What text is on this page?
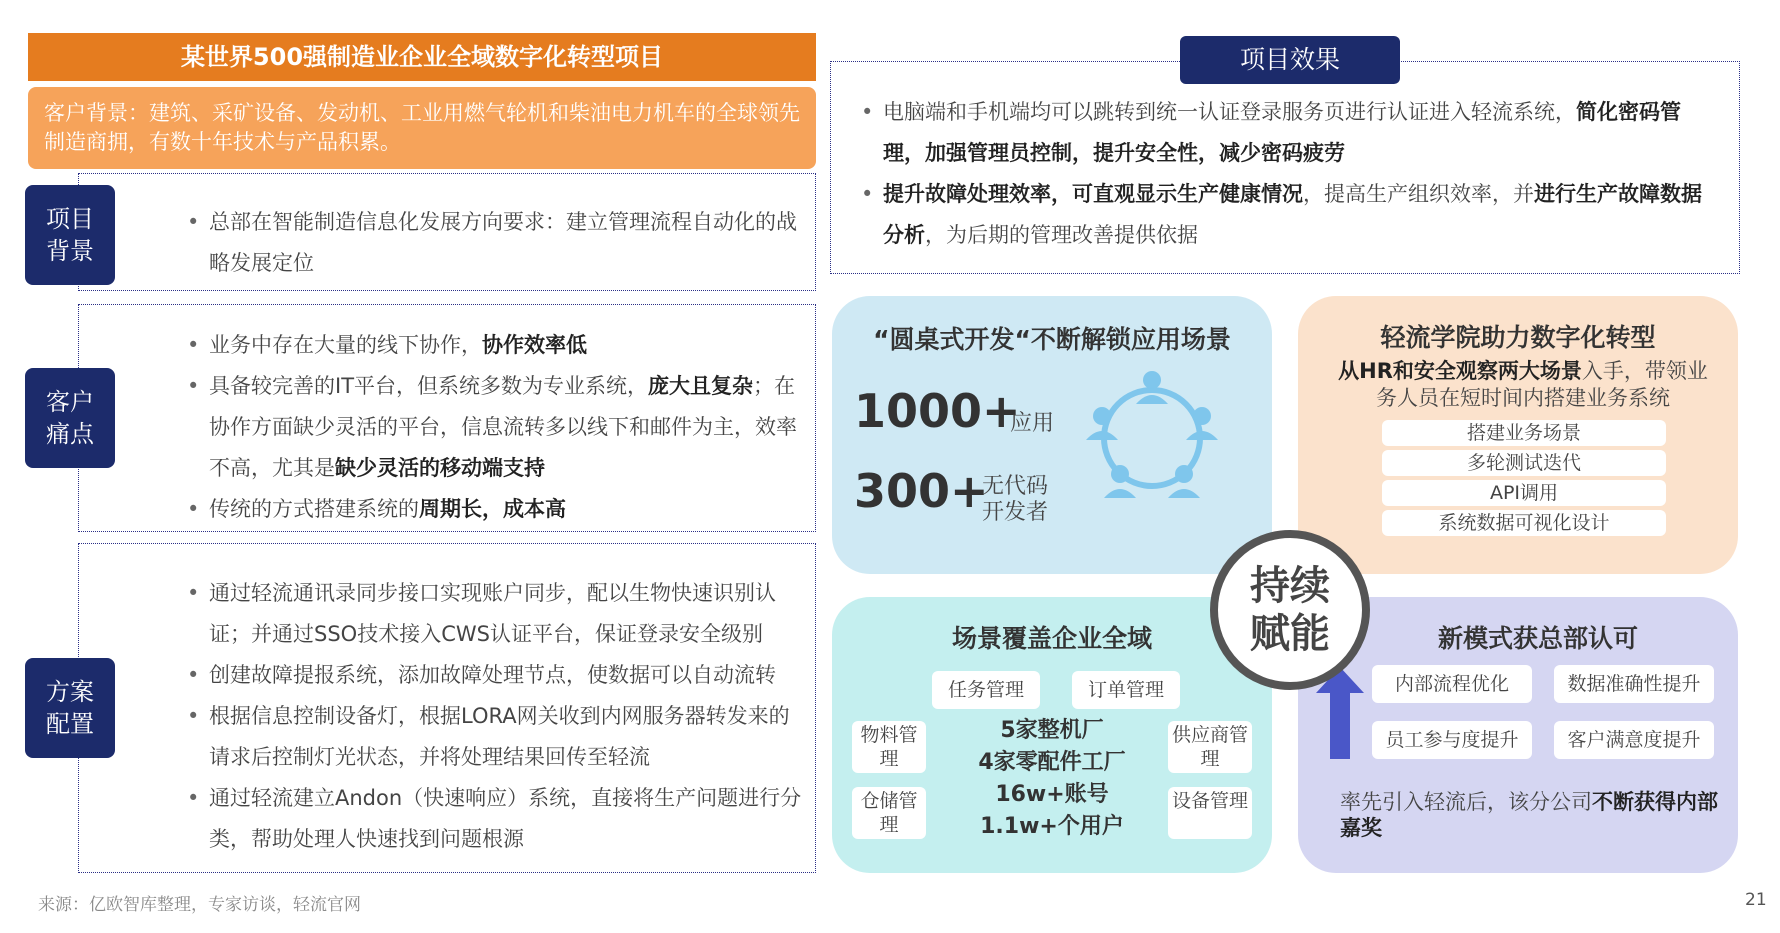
某世界500强制造业企业全域数字化转型项目
客户背景：建筑、采矿设备、发动机、工业用燃气轮机和柴油电力机车的全球领先制造商拥，有数十年技术与产品积累。
• 总部在智能制造信息化发展方向要求：建立管理流程自动化的战略发展定位
项目背景
• 业务中存在大量的线下协作，协作效率低
• 具备较完善的IT平台，但系统多数为专业系统，庞大且复杂；在协作方面缺少灵活的平台，信息流转多以线下和邮件为主，效率不高，尤其是缺少灵活的移动端支持
• 传统的方式搭建系统的周期长，成本高
客户痛点
• 通过轻流通讯录同步接口实现账户同步，配以生物快速识别认证；并通过SSO技术接入CWS认证平台，保证登录安全级别
• 创建故障提报系统，添加故障处理节点，使数据可以自动流转
• 根据信息控制设备灯，根据LORA网关收到内网服务器转发来的请求后控制灯光状态，并将处理结果回传至轻流
• 通过轻流建立Andon（快速响应）系统，直接将生产问题进行分类，帮助处理人快速找到问题根源
方案配置
• 电脑端和手机端均可以跳转到统一认证登录服务页进行认证进入轻流系统，简化密码管理，加强管理员控制，提升安全性，减少密码疲劳
• 提升故障处理效率，可直观显示生产健康情况，提高生产组织效率，并进行生产故障数据分析，为后期的管理改善提供依据
项目效果
“圆桌式开发“不断解锁应用场景
1000+
应用
300+
无代码开发者
轻流学院助力数字化转型
从HR和安全观察两大场景入手，带领业务人员在短时间内搭建业务系统
搭建业务场景
多轮测试迭代
API调用
系统数据可视化设计
场景覆盖企业全域
任务管理	订单管理
物料管理
仓储管理
供应商管理
设备管理
5家整机厂
4家零配件工厂
16w+账号
1.1w+个用户
新模式获总部认可
内部流程优化	数据准确性提升
员工参与度提升	客户满意度提升
率先引入轻流后，该分公司不断获得内部嘉奖
持续赋能
来源：亿欧智库整理，专家访谈，轻流官网	21
